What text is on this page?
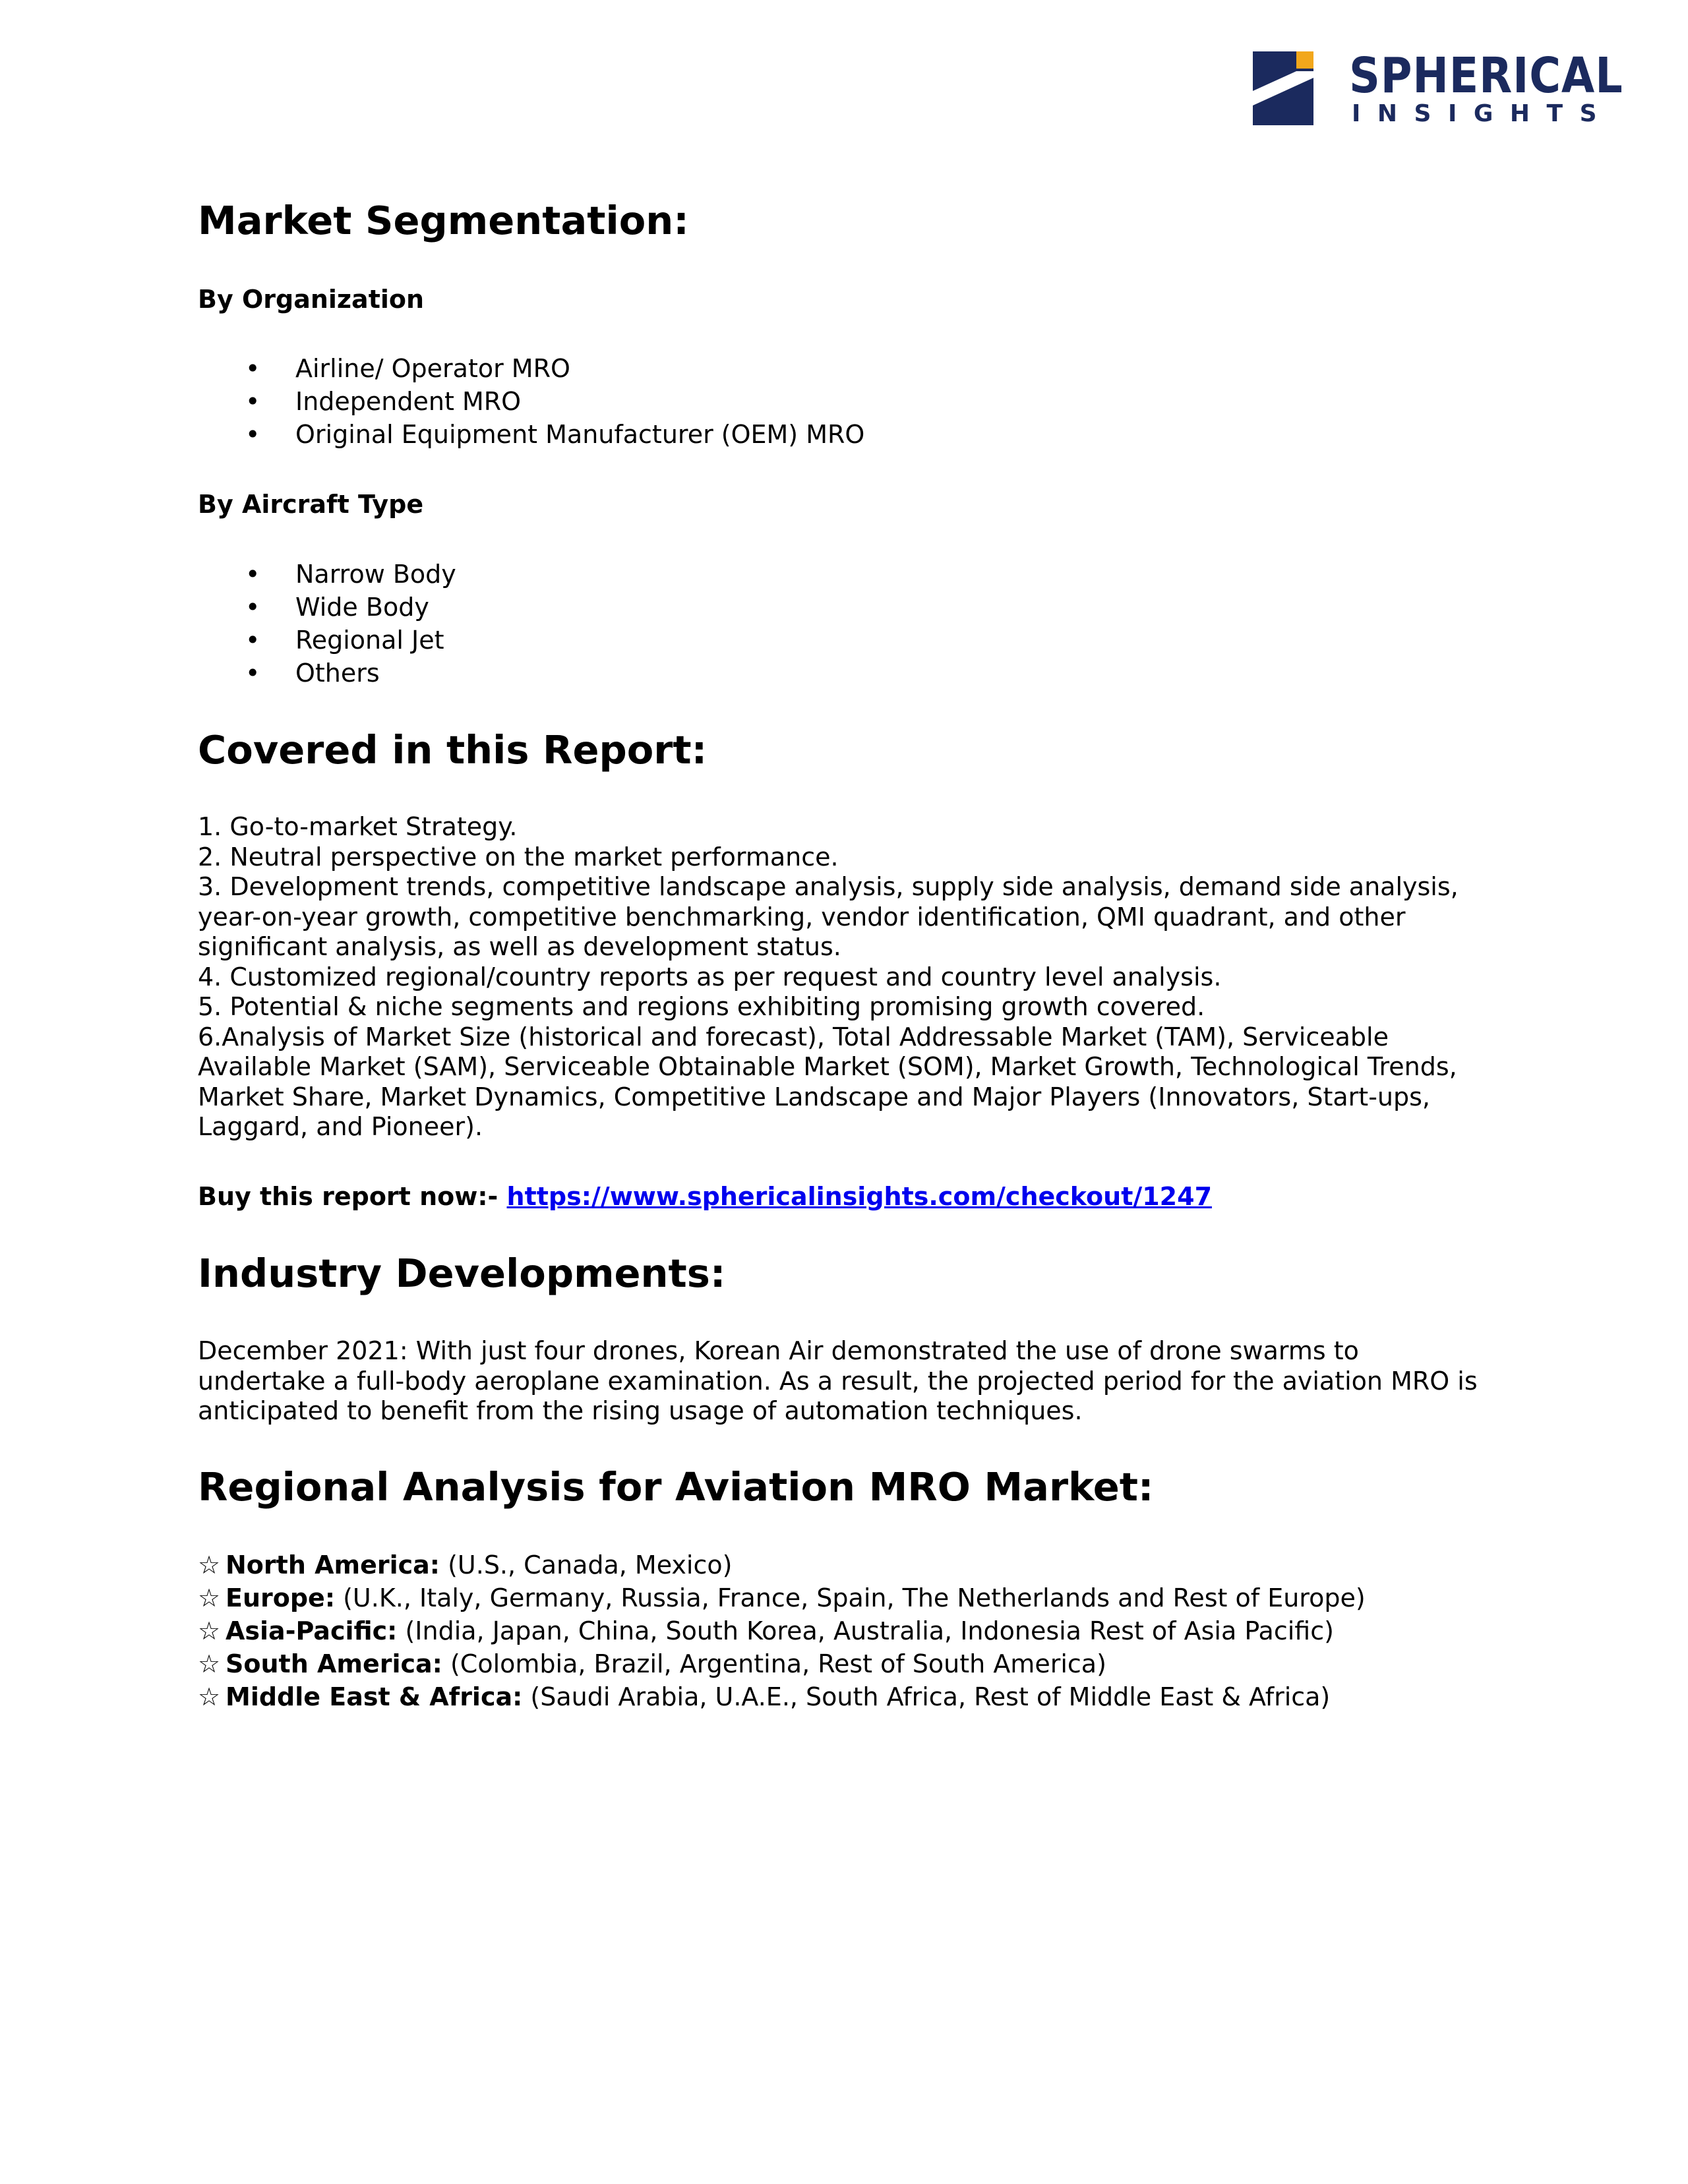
SPHERICAL
INSIGHTS
Market Segmentation:
By Organization
• Airline/ Operator MRO
• Independent MRO
• Original Equipment Manufacturer (OEM) MRO
By Aircraft Type
• Narrow Body
• Wide Body
• Regional Jet
• Others
Covered in this Report:
1. Go-to-market Strategy.
2. Neutral perspective on the market performance.
3. Development trends, competitive landscape analysis, supply side analysis, demand side analysis,
year-on-year growth, competitive benchmarking, vendor identification, QMI quadrant, and other
significant analysis, as well as development status.
4. Customized regional/country reports as per request and country level analysis.
5. Potential & niche segments and regions exhibiting promising growth covered.
6.Analysis of Market Size (historical and forecast), Total Addressable Market (TAM), Serviceable
Available Market (SAM), Serviceable Obtainable Market (SOM), Market Growth, Technological Trends,
Market Share, Market Dynamics, Competitive Landscape and Major Players (Innovators, Start-ups,
Laggard, and Pioneer).
Buy this report now:- https://www.sphericalinsights.com/checkout/1247
Industry Developments:
December 2021: With just four drones, Korean Air demonstrated the use of drone swarms to
undertake a full-body aeroplane examination. As a result, the projected period for the aviation MRO is
anticipated to benefit from the rising usage of automation techniques.
Regional Analysis for Aviation MRO Market:
☆ North America: (U.S., Canada, Mexico)
☆ Europe: (U.K., Italy, Germany, Russia, France, Spain, The Netherlands and Rest of Europe)
☆ Asia-Pacific: (India, Japan, China, South Korea, Australia, Indonesia Rest of Asia Pacific)
☆ South America: (Colombia, Brazil, Argentina, Rest of South America)
☆ Middle East & Africa: (Saudi Arabia, U.A.E., South Africa, Rest of Middle East & Africa)
